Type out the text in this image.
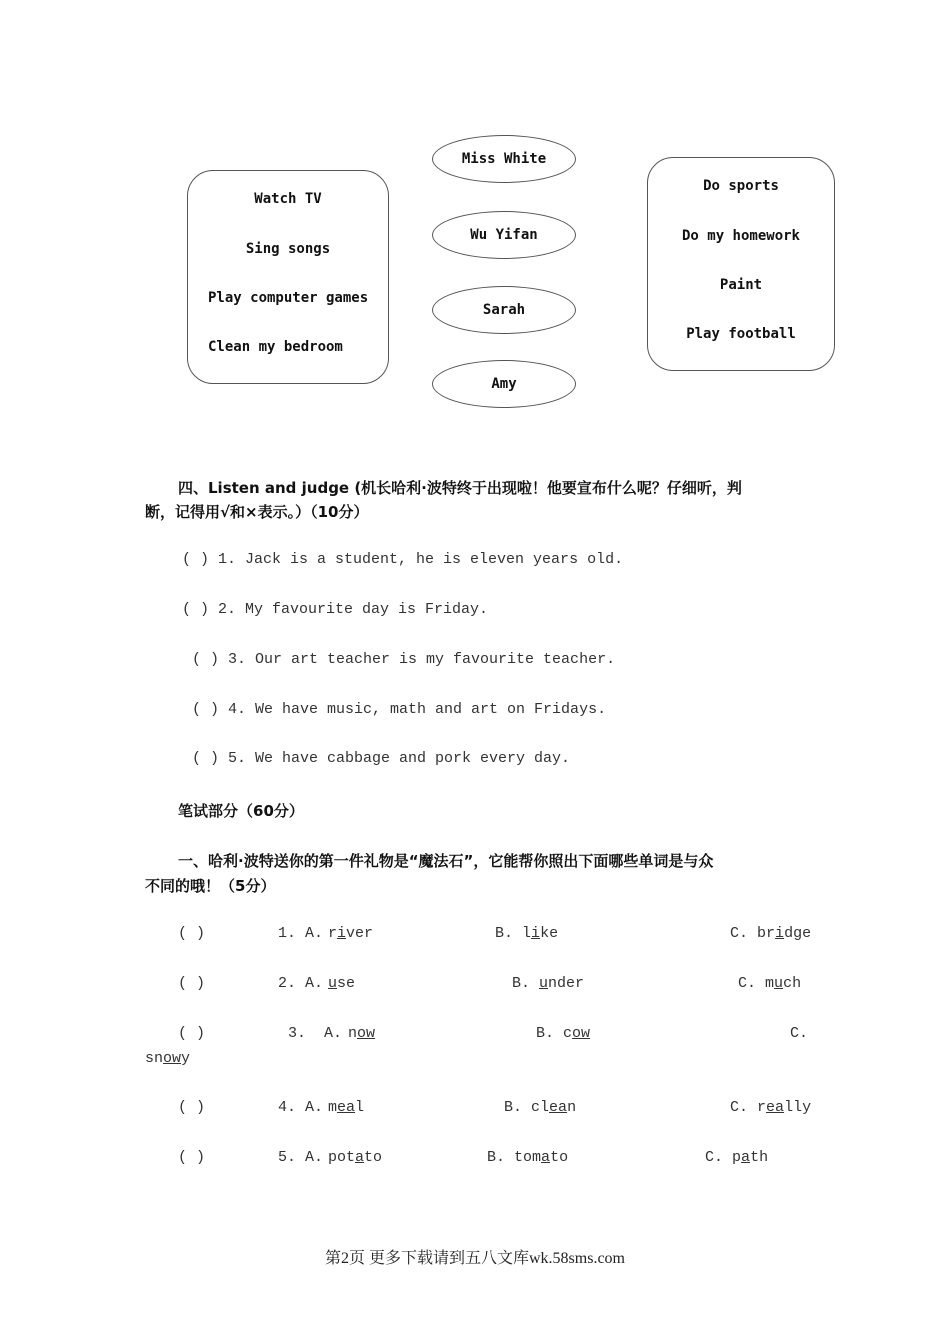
Watch TV
Sing songs
Play computer games
Clean my bedroom
Miss White
Wu Yifan
Sarah
Amy
Do sports
Do my homework
Paint
Play football
四、Listen and judge (机长哈利·波特终于出现啦！他要宣布什么呢？仔细听，判
断，记得用√和×表示。）（10分）
( ) 1. Jack is a student, he is eleven years old.
( ) 2. My favourite day is Friday.
( ) 3. Our art teacher is my favourite teacher.
( ) 4. We have music, math and art on Fridays.
( ) 5. We have cabbage and pork every day.
笔试部分（60分）
一、哈利·波特送你的第一件礼物是“魔法石”，它能帮你照出下面哪些单词是与众
不同的哦！（5分）
( )	1. A. river	B. like	C. bridge
( )	2. A. use	B. under	C. much
( )	3.  A. now	B. cow	C.
snowy
( )	4. A. meal	B. clean	C. really
( )	5. A. potato	B. tomato	C. path
第2页 更多下载请到五八文库wk.58sms.com
